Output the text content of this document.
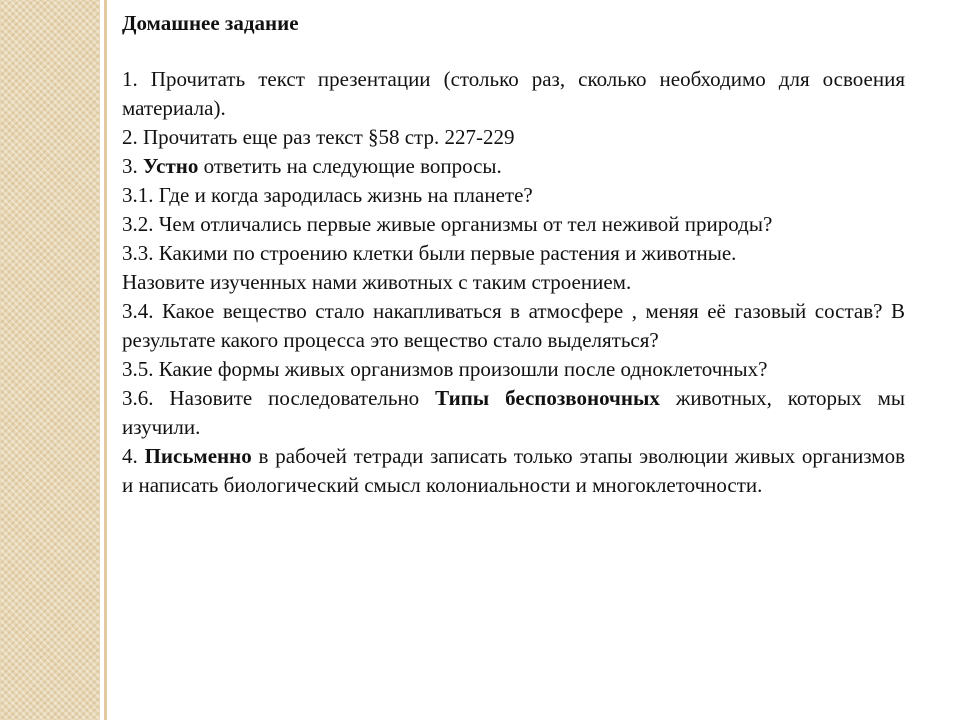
Домашнее задание

1. Прочитать текст презентации (столько раз, сколько необходимо для освоения материала).

2. Прочитать еще раз текст §58 стр. 227-229

3. Устно ответить на следующие вопросы.

3.1. Где и когда зародилась жизнь на планете?

3.2. Чем отличались первые живые организмы от тел неживой природы?

3.3. Какими по строению клетки были первые растения и животные.

Назовите изученных нами животных с таким строением.

3.4. Какое вещество стало накапливаться в атмосфере , меняя её газовый состав? В результате какого процесса это вещество стало выделяться?

3.5. Какие формы живых организмов произошли после одноклеточных?

3.6. Назовите последовательно Типы беспозвоночных животных, которых мы изучили.

4. Письменно в рабочей тетради записать только этапы эволюции живых организмов и написать биологический смысл колониальности и многоклеточности.
